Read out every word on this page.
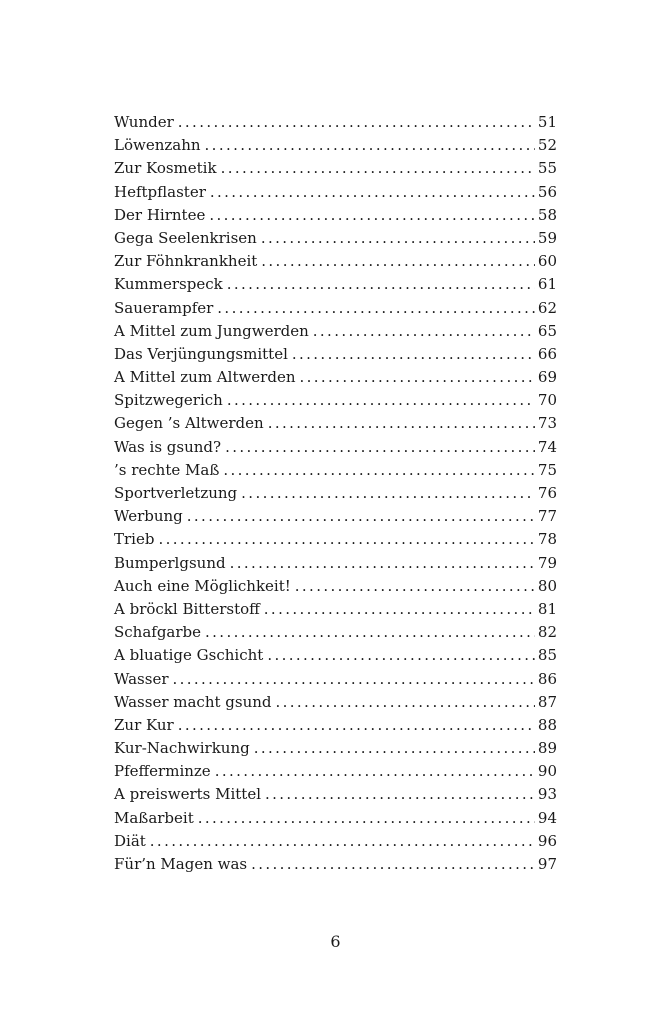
Wunder . . .	51
Löwenzahn . . .	52
Zur Kosmetik . . .	55
Heftpflaster . . .	56
Der Hirntee . . .	58
Gega Seelenkrisen . . .	59
Zur Föhnkrankheit . . .	60
Kummerspeck . . .	61
Sauerampfer . . .	62
A Mittel zum Jungwerden . . .	65
Das Verjüngungsmittel . . .	66
A Mittel zum Altwerden . . .	69
Spitzwegerich . . .	70
Gegen ’s Altwerden . . .	73
Was is gsund? . . .	74
’s rechte Maß . . .	75
Sportverletzung . . .	76
Werbung . . .	77
Trieb . . .	78
Bumperlgsund . . .	79
Auch eine Möglichkeit! . . .	80
A bröckl Bitterstoff . . .	81
Schafgarbe . . .	82
A bluatige Gschicht . . .	85
Wasser . . .	86
Wasser macht gsund . . .	87
Zur Kur . . .	88
Kur-Nachwirkung . . .	89
Pfefferminze . . .	90
A preiswerts Mittel . . .	93
Maßarbeit . . .	94
Diät . . .	96
Für’n Magen was . . .	97
6
